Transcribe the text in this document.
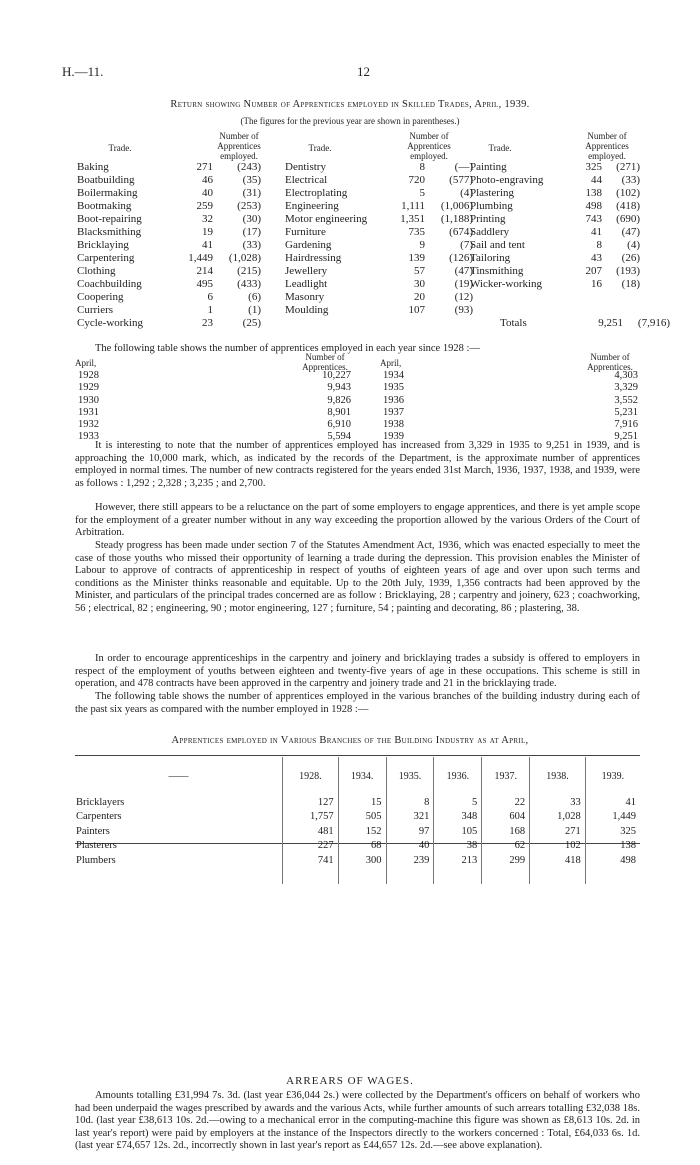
H.—11.	12
Return showing Number of Apprentices employed in Skilled Trades, April, 1939.
(The figures for the previous year are shown in parentheses.)
Trade.
Number of Apprentices employed.
Trade.
Number of Apprentices employed.
Trade.
Number of Apprentices employed.
Baking	271	(243)
Boatbuilding	46	(35)
Boilermaking	40	(31)
Bootmaking	259	(253)
Boot-repairing	32	(30)
Blacksmithing	19	(17)
Bricklaying	41	(33)
Carpentering	1,449	(1,028)
Clothing	214	(215)
Coachbuilding	495	(433)
Coopering	6	(6)
Curriers	1	(1)
Cycle-working	23	(25)
Dentistry	8	(—)
Electrical	720	(577)
Electroplating	5	(4)
Engineering	1,111	(1,006)
Motor engineering	1,351	(1,188)
Furniture	735	(674)
Gardening	9	(7)
Hairdressing	139	(126)
Jewellery	57	(47)
Leadlight	30	(19)
Masonry	20	(12)
Moulding	107	(93)
Painting	325	(271)
Photo-engraving	44	(33)
Plastering	138	(102)
Plumbing	498	(418)
Printing	743	(690)
Saddlery	41	(47)
Sail and tent	8	(4)
Tailoring	43	(26)
Tinsmithing	207	(193)
Wicker-working	16	(18)
Totals	9,251	(7,916)
The following table shows the number of apprentices employed in each year since 1928 :—
April,
Number of Apprentices.	April,
Number of Apprentices.
1928	10,227	1934	4,303
1929	9,943	1935	3,329
1930	9,826	1936	3,552
1931	8,901	1937	5,231
1932	6,910	1938	7,916
1933	5,594	1939	9,251
It is interesting to note that the number of apprentices employed has increased from 3,329 in 1935 to 9,251 in 1939, and is approaching the 10,000 mark, which, as indicated by the records of the Department, is the approximate number of apprentices employed in normal times. The number of new contracts registered for the years ended 31st March, 1936, 1937, 1938, and 1939, were as follows : 1,292 ; 2,328 ; 3,235 ; and 2,700.
However, there still appears to be a reluctance on the part of some employers to engage apprentices, and there is yet ample scope for the employment of a greater number without in any way exceeding the proportion allowed by the various Orders of the Court of Arbitration.
Steady progress has been made under section 7 of the Statutes Amendment Act, 1936, which was enacted especially to meet the case of those youths who missed their opportunity of learning a trade during the depression. This provision enables the Minister of Labour to approve of contracts of apprenticeship in respect of youths of eighteen years of age and over upon such terms and conditions as the Minister thinks reasonable and equitable. Up to the 20th July, 1939, 1,356 contracts had been approved by the Minister, and particulars of the principal trades concerned are as follow : Bricklaying, 28 ; carpentry and joinery, 623 ; coachworking, 56 ; electrical, 82 ; engineering, 90 ; motor engineering, 127 ; furniture, 54 ; painting and decorating, 86 ; plastering, 38.
In order to encourage apprenticeships in the carpentry and joinery and bricklaying trades a subsidy is offered to employers in respect of the employment of youths between eighteen and twenty-five years of age in these occupations. This scheme is still in operation, and 478 contracts have been approved in the carpentry and joinery trade and 21 in the bricklaying trade.
The following table shows the number of apprentices employed in the various branches of the building industry during each of the past six years as compared with the number employed in 1928 :—
Apprentices employed in Various Branches of the Building Industry as at April,
——	1928.	1934.	1935.	1936.	1937.	1938.	1939.
Bricklayers	127	15	8	5	22	33	41
Carpenters	1,757	505	321	348	604	1,028	1,449
Painters	481	152	97	105	168	271	325
Plasterers	227	68	40	38	62	102	138
Plumbers	741	300	239	213	299	418	498

ARREARS OF WAGES.
Amounts totalling £31,994 7s. 3d. (last year £36,044 2s.) were collected by the Department's officers on behalf of workers who had been underpaid the wages prescribed by awards and the various Acts, while further amounts of such arrears totalling £32,038 18s. 10d. (last year £38,613 10s. 2d.—owing to a mechanical error in the computing-machine this figure was shown as £8,613 10s. 2d. in last year's report) were paid by employers at the instance of the Inspectors directly to the workers concerned : Total, £64,033 6s. 1d. (last year £74,657 12s. 2d., incorrectly shown in last year's report as £44,657 12s. 2d.—see above explanation).
